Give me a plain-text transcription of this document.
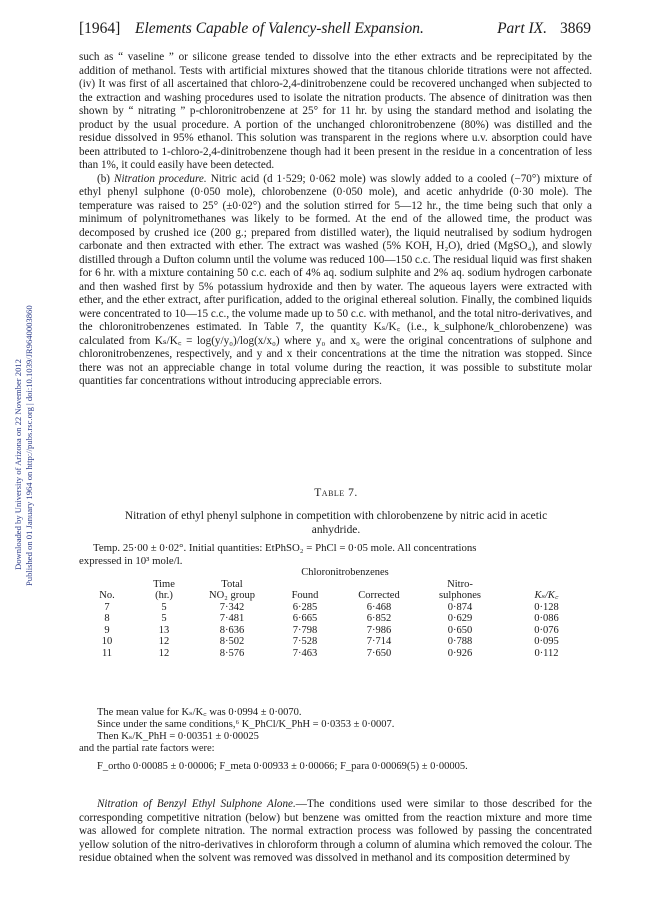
[1964] Elements Capable of Valency-shell Expansion.	Part IX. 3869
Downloaded by University of Arizona on 22 November 2012 Published on 01 January 1964 on http://pubs.rsc.org | doi:10.1039/JR9640003860

such as “ vaseline ” or silicone grease tended to dissolve into the ether extracts and be reprecipitated by the addition of methanol. Tests with artificial mixtures showed that the titanous chloride titrations were not affected. (iv) It was first of all ascertained that chloro-2,4-dinitrobenzene could be recovered unchanged when subjected to the extraction and washing procedures used to isolate the nitration products. The absence of dinitration was then shown by “ nitrating ” p-chloronitrobenzene at 25° for 11 hr. by using the standard method and isolating the product by the usual procedure. A portion of the unchanged chloronitrobenzene (80%) was distilled and the residue dissolved in 95% ethanol. This solution was transparent in the regions where u.v. absorption could have been attributed to 1-chloro-2,4-dinitrobenzene though had it been present in the residue in a concentration of less than 1%, it could easily have been detected.

(b) Nitration procedure. Nitric acid (d 1·529; 0·062 mole) was slowly added to a cooled (−70°) mixture of ethyl phenyl sulphone (0·050 mole), chlorobenzene (0·050 mole), and acetic anhydride (0·30 mole). The temperature was raised to 25° (±0·02°) and the solution stirred for 5—12 hr., the time being such that only a minimum of polynitromethanes was likely to be formed. At the end of the allowed time, the product was decomposed by crushed ice (200 g.; prepared from distilled water), the liquid neutralised by sodium hydrogen carbonate and then extracted with ether. The extract was washed (5% KOH, H₂O), dried (MgSO₄), and slowly distilled through a Dufton column until the volume was reduced 100—150 c.c. The residual liquid was first shaken for 6 hr. with a mixture containing 50 c.c. each of 4% aq. sodium sulphite and 2% aq. sodium hydrogen carbonate and then washed first by 5% potassium hydroxide and then by water. The aqueous layers were extracted with ether, and the ether extract, after purification, added to the original ethereal solution. Finally, the combined liquids were concentrated to 10—15 c.c., the volume made up to 50 c.c. with methanol, and the total nitro-derivatives, and the chloronitrobenzenes estimated. In Table 7, the quantity Kₛ/K꜀ (i.e., k_sulphone/k_chlorobenzene) was calculated from Kₛ/K꜀ = log(y/y₀)/log(x/x₀) where y₀ and x₀ were the original concentrations of sulphone and chloronitrobenzenes, respectively, and y and x their concentrations at the time the nitration was stopped. Since there was not an appreciable change in total volume during the reaction, it was possible to substitute molar quantities far concentrations without introducing appreciable errors.

Table 7.
Nitration of ethyl phenyl sulphone in competition with chlorobenzene by nitric acid in acetic anhydride.
Temp. 25·00 ± 0·02°. Initial quantities: EtPhSO₂ = PhCl = 0·05 mole. All concentrations
expressed in 10³ mole/l.
			Chloronitrobenzenes			
	Time	Total			Nitro-	
No.	(hr.)	NO₂ group	Found	Corrected	sulphones	Kₛ/K꜀
7	5	7·342	6·285	6·468	0·874	0·128
8	5	7·481	6·665	6·852	0·629	0·086
9	13	8·636	7·798	7·986	0·650	0·076
10	12	8·502	7·528	7·714	0·788	0·095
11	12	8·576	7·463	7·650	0·926	0·112
The mean value for Kₛ/K꜀ was 0·0994 ± 0·0070.
Since under the same conditions,⁶ K_PhCl/K_PhH = 0·0353 ± 0·0007.
Then Kₛ/K_PhH = 0·00351 ± 0·00025
and the partial rate factors were:
F_ortho 0·00085 ± 0·00006; F_meta 0·00933 ± 0·00066; F_para 0·00069(5) ± 0·00005.
Nitration of Benzyl Ethyl Sulphone Alone.—The conditions used were similar to those described for the corresponding competitive nitration (below) but benzene was omitted from the reaction mixture and more time was allowed for complete nitration. The normal extraction process was followed by passing the concentrated yellow solution of the nitro-derivatives in chloroform through a column of alumina which removed the colour. The residue obtained when the solvent was removed was dissolved in methanol and its composition determined by
